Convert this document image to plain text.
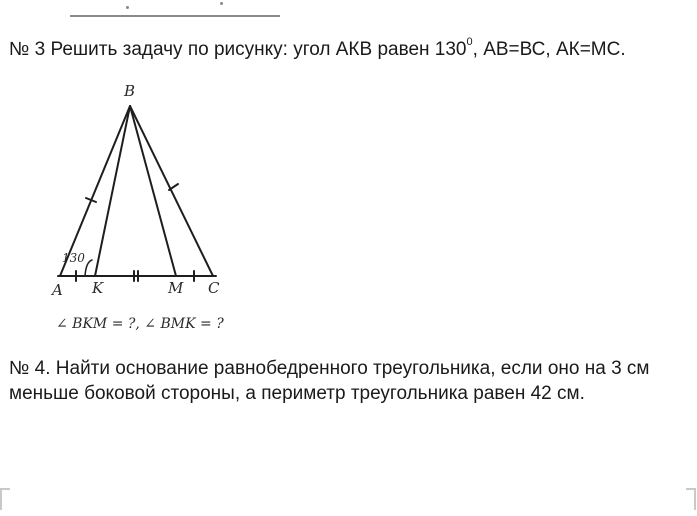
№ 3 Решить задачу по рисунку: угол АКВ равен $130^0$, АВ=ВС, АК=МС.
B
A K	M C
130
∠ BKM = ?, ∠ BMK = ?
№ 4. Найти основание равнобедренного треугольника, если оно на 3 см меньше боковой стороны, а периметр треугольника равен 42 см.
